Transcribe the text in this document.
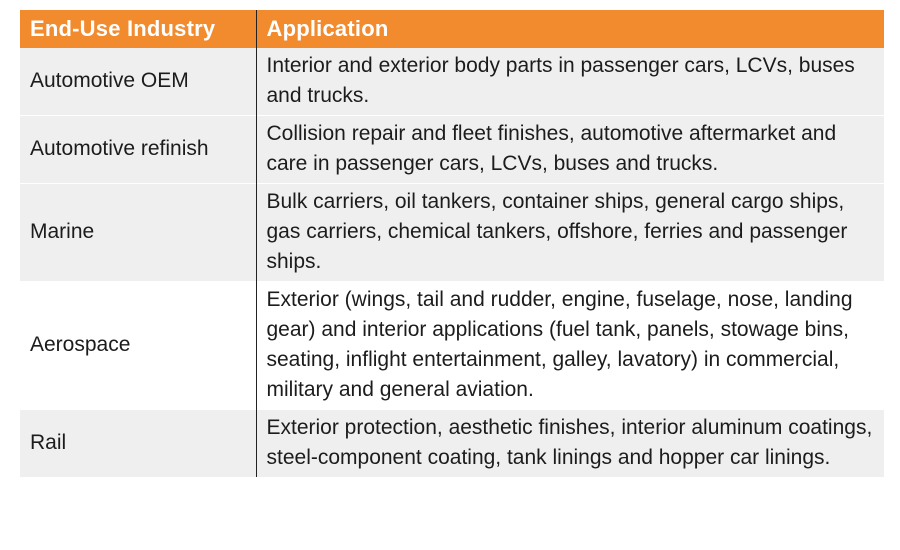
End-Use Industry	Application
Automotive OEM	Interior and exterior body parts in passenger cars, LCVs, buses and trucks.
Automotive refinish	Collision repair and fleet finishes, automotive aftermarket and care in passenger cars, LCVs, buses and trucks.
Marine	Bulk carriers, oil tankers, container ships, general cargo ships, gas carriers, chemical tankers, offshore, ferries and passenger ships.
Aerospace	Exterior (wings, tail and rudder, engine, fuselage, nose, landing gear) and interior applications (fuel tank, panels, stowage bins, seating, inflight entertainment, galley, lavatory) in commercial, military and general aviation.
Rail	Exterior protection, aesthetic finishes, interior aluminum coatings, steel-component coating, tank linings and hopper car linings.
